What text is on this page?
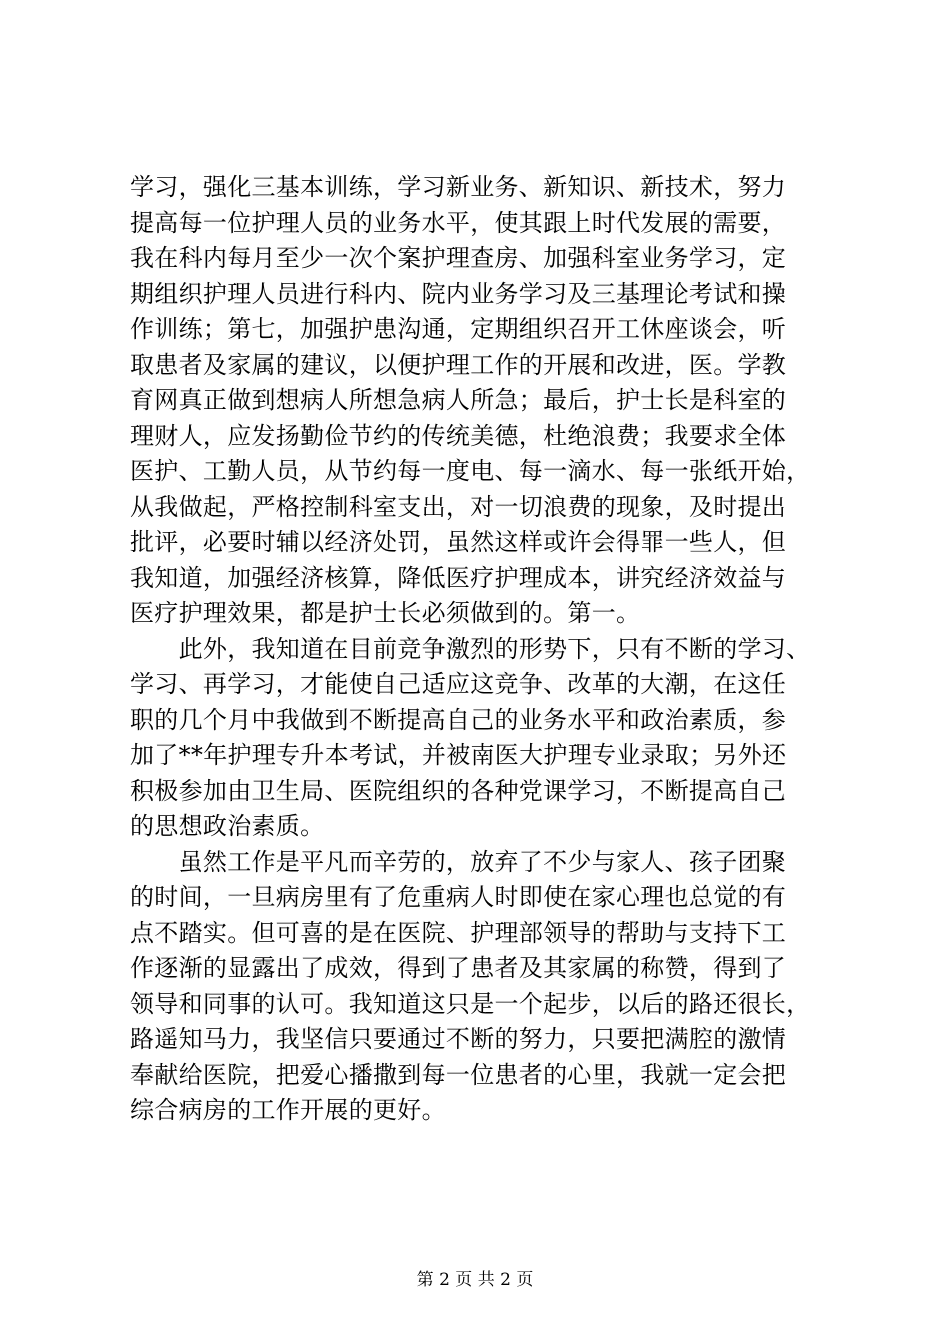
学习，强化三基本训练，学习新业务、新知识、新技术，努力
提高每一位护理人员的业务水平，使其跟上时代发展的需要，
我在科内每月至少一次个案护理查房、加强科室业务学习，定
期组织护理人员进行科内、院内业务学习及三基理论考试和操
作训练；第七，加强护患沟通，定期组织召开工休座谈会，听
取患者及家属的建议，以便护理工作的开展和改进，医。学教
育网真正做到想病人所想急病人所急；最后，护士长是科室的
理财人，应发扬勤俭节约的传统美德，杜绝浪费；我要求全体
医护、工勤人员，从节约每一度电、每一滴水、每一张纸开始，
从我做起，严格控制科室支出，对一切浪费的现象，及时提出
批评，必要时辅以经济处罚，虽然这样或许会得罪一些人，但
我知道，加强经济核算，降低医疗护理成本，讲究经济效益与
医疗护理效果，都是护士长必须做到的。第一。
　　此外，我知道在目前竞争激烈的形势下，只有不断的学习、
学习、再学习，才能使自己适应这竞争、改革的大潮，在这任
职的几个月中我做到不断提高自己的业务水平和政治素质，参
加了**年护理专升本考试，并被南医大护理专业录取；另外还
积极参加由卫生局、医院组织的各种党课学习，不断提高自己
的思想政治素质。
　　虽然工作是平凡而辛劳的，放弃了不少与家人、孩子团聚
的时间，一旦病房里有了危重病人时即使在家心理也总觉的有
点不踏实。但可喜的是在医院、护理部领导的帮助与支持下工
作逐渐的显露出了成效，得到了患者及其家属的称赞，得到了
领导和同事的认可。我知道这只是一个起步，以后的路还很长，
路遥知马力，我坚信只要通过不断的努力，只要把满腔的激情
奉献给医院，把爱心播撒到每一位患者的心里，我就一定会把
综合病房的工作开展的更好。
第 2 页 共 2 页
